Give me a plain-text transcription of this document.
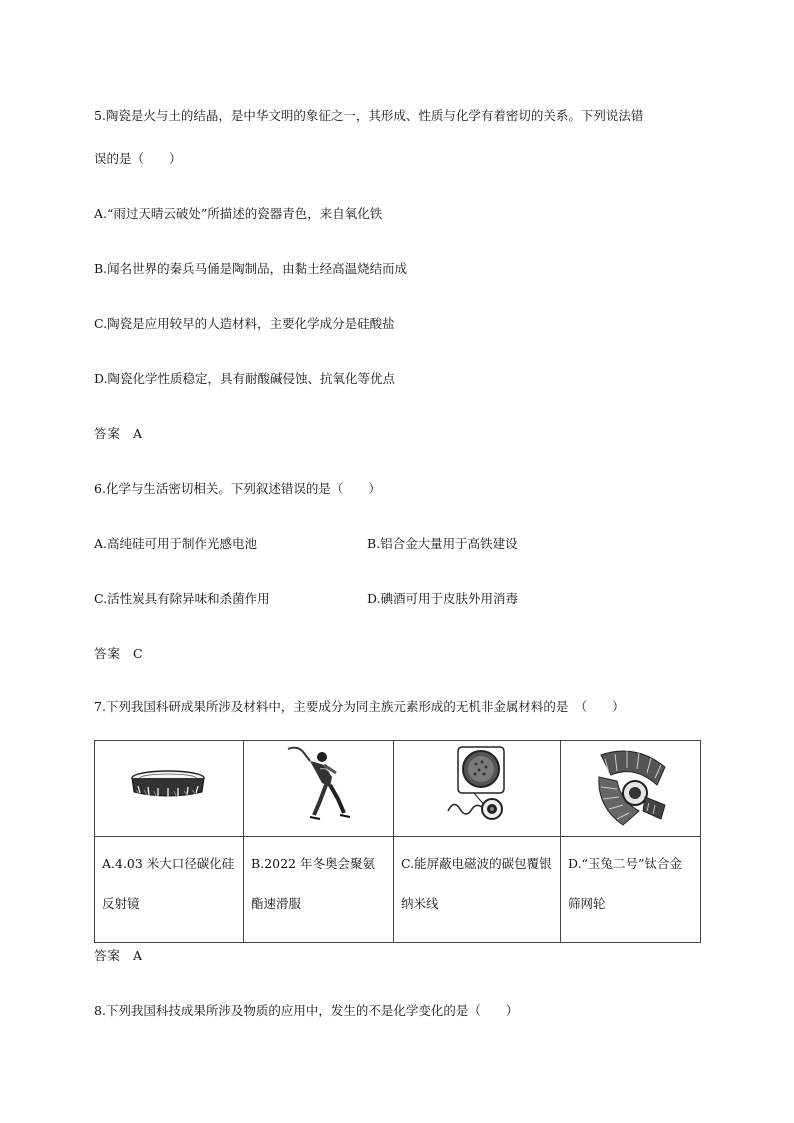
5.陶瓷是火与土的结晶，是中华文明的象征之一，其形成、性质与化学有着密切的关系。下列说法错
误的是（　　）
A.“雨过天晴云破处”所描述的瓷器青色，来自氧化铁
B.闻名世界的秦兵马俑是陶制品，由黏土经高温烧结而成
C.陶瓷是应用较早的人造材料，主要化学成分是硅酸盐
D.陶瓷化学性质稳定，具有耐酸碱侵蚀、抗氧化等优点
答案 A
6.化学与生活密切相关。下列叙述错误的是（　　）
A.高纯硅可用于制作光感电池	B.铝合金大量用于高铁建设
C.活性炭具有除异味和杀菌作用	D.碘酒可用于皮肤外用消毒
答案 C
7.下列我国科研成果所涉及材料中，主要成分为同主族元素形成的无机非金属材料的是　（　　）

A.4.03 米大口径碳化硅反射镜	B.2022 年冬奥会聚氨酯速滑服	C.能屏蔽电磁波的碳包覆银纳米线	D.“玉兔二号”钛合金筛网轮
答案 A
8.下列我国科技成果所涉及物质的应用中，发生的不是化学变化的是（　　）
